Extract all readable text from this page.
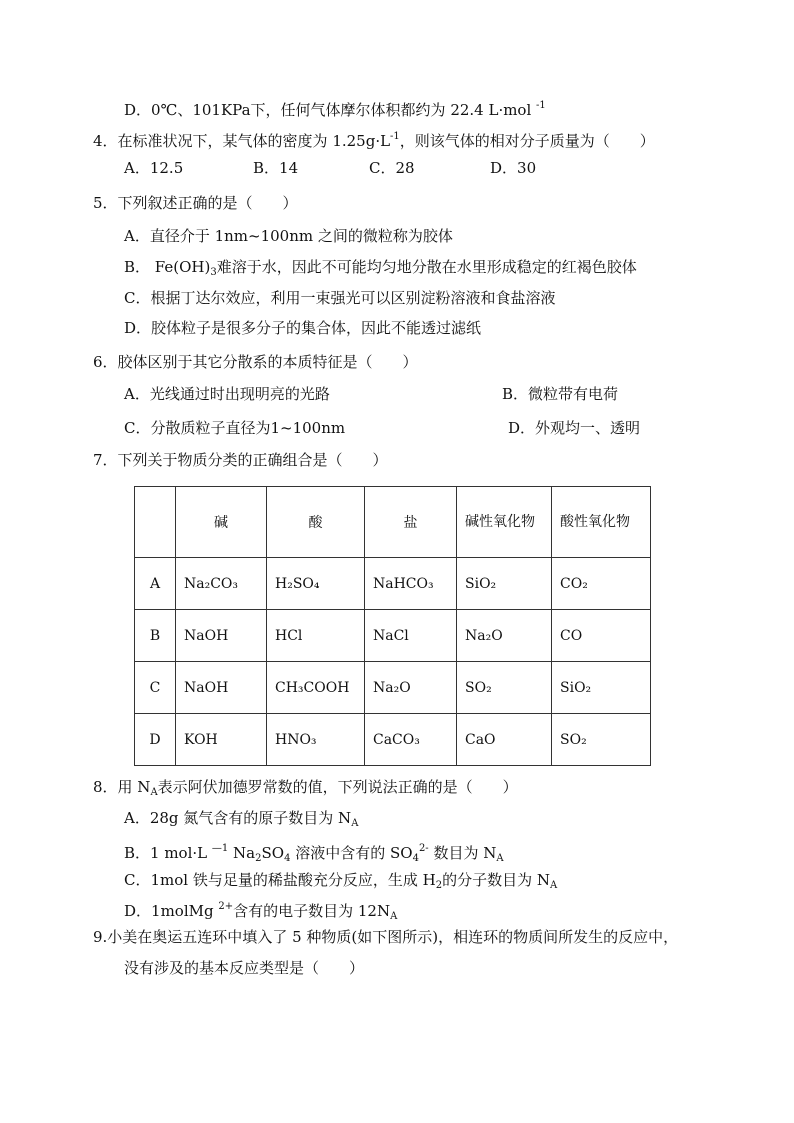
D．0℃、101KPa下，任何气体摩尔体积都约为 22.4 L·mol $^{-1}$
4．在标准状况下，某气体的密度为 $1.25g\cdot L^{-1}$，则该气体的相对分子质量为（　　）
A．12.5	B．14	C．28	D．30
5．下列叙述正确的是（　　）
A．直径介于 1nm~100nm 之间的微粒称为胶体
B． $Fe(OH)_3$难溶于水，因此不可能均匀地分散在水里形成稳定的红褐色胶体
C．根据丁达尔效应，利用一束强光可以区别淀粉溶液和食盐溶液
D．胶体粒子是很多分子的集合体，因此不能透过滤纸
6．胶体区别于其它分散系的本质特征是（　　）
A．光线通过时出现明亮的光路	B．微粒带有电荷
C．分散质粒子直径为1~100nm	D．外观均一、透明
7．下列关于物质分类的正确组合是（　　）
	碱	酸	盐	碱性氧化物	酸性氧化物
A	Na₂CO₃	H₂SO₄	NaHCO₃	SiO₂	CO₂
B	NaOH	HCl	NaCl	Na₂O	CO
C	NaOH	CH₃COOH	Na₂O	SO₂	SiO₂
D	KOH	HNO₃	CaCO₃	CaO	SO₂
8．用 $N_A$表示阿伏加德罗常数的值，下列说法正确的是（　　）
A．28g 氮气含有的原子数目为 $N_A$
B．1 mol·L $^{—1}$ $Na_2SO_4$ 溶液中含有的 $SO_4^{2-}$ 数目为 $N_A$
C．1mol 铁与足量的稀盐酸充分反应，生成 $H_2$的分子数目为 $N_A$
D．1molMg $^{2+}$含有的电子数目为 $12N_A$
9.小美在奥运五连环中填入了 5 种物质(如下图所示)，相连环的物质间所发生的反应中，
没有涉及的基本反应类型是（　　）
